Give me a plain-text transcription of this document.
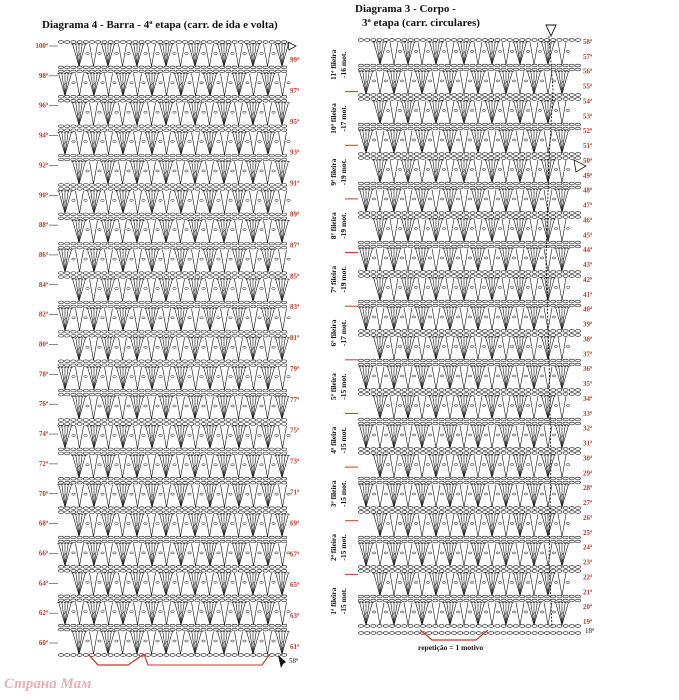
Diagrama 4 - Barra - 4ª etapa (carr. de ida e volta)
Diagrama 3 - Corpo -
3ª etapa (carr. circulares)
100ª
98ª
96ª
94ª
92ª
90ª
88ª
86ª
84ª
82ª
80ª
78ª
76ª
74ª
72ª
70ª
68ª
66ª
64ª
62ª
60ª
99ª
97ª
95ª
93ª
91ª
89ª
87ª
85ª
83ª
81ª
79ª
77ª
75ª
73ª
71ª
69ª
67ª
65ª
63ª
61ª
58ª
58ª
57ª
56ª
55ª
54ª
53ª
52ª
51ª
50ª
49ª
48ª
47ª
46ª
45ª
44ª
43ª
42ª
41ª
40ª
39ª
38ª
37ª
36ª
35ª
34ª
33ª
32ª
31ª
30ª
29ª
28ª
27ª
26ª
25ª
24ª
23ª
22ª
21ª
20ª
19ª
11ª fileira -16 mot.
10ª fileira -17 mot.
9ª fileira -19 mot.
8ª fileira -19 mot.
7ª fileira -19 mot.
6ª fileira -17 mot.
5ª fileira -15 mot.
4ª fileira -15 mot.
3ª fileira -15 mot.
2ª fileira -15 mot.
1ª fileira -15 mot.
repetição = 1 motivo
18ª
Страна Мам
